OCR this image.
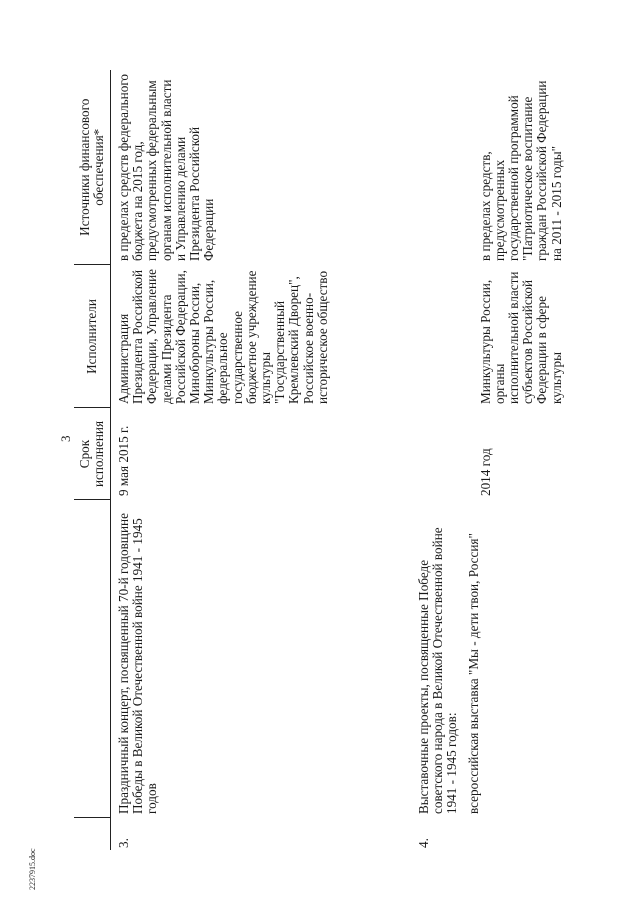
3
		Срок исполнения	Исполнители	Источники финансового обеспечения*
3.	Праздничный концерт, посвященный 70-й годовщине Победы в Великой Отечественной войне 1941 - 1945 годов	9 мая 2015 г.	Администрация Президента Российской Федерации, Управление делами Президента Российской Федерации, Минобороны России, Минкультуры России, федеральное государственное бюджетное учреждение культуры "Государственный Кремлевский Дворец", Российское военно-историческое общество	в пределах средств федерального бюджета на 2015 год, предусмотренных федеральным органам исполнительной власти и Управлению делами Президента Российской Федерации
4.	Выставочные проекты, посвященные Победе советского народа в Великой Отечественной войне 1941 - 1945 годов: всероссийская выставка "Мы - дети твои, Россия"	2014 год	Минкультуры России, органы исполнительной власти субъектов Российской Федерации в сфере культуры	в пределах средств, предусмотренных государственной программой "Патриотическое воспитание граждан Российской Федерации на 2011 - 2015 годы"
2237915.doc
